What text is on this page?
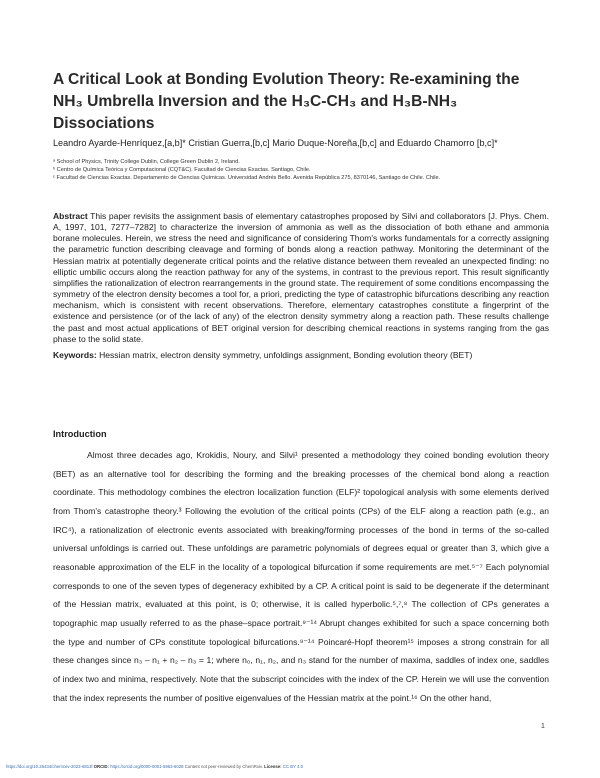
A Critical Look at Bonding Evolution Theory: Re-examining the NH₃ Umbrella Inversion and the H₃C-CH₃ and H₃B-NH₃ Dissociations
Leandro Ayarde-Henríquez,[a,b]* Cristian Guerra,[b,c] Mario Duque-Noreña,[b,c] and Eduardo Chamorro [b,c]*
ᵃ School of Physics, Trinity College Dublin, College Green Dublin 2, Ireland.
ᵇ Centro de Química Teórica y Computacional (CQT&C). Facultad de Ciencias Exactas. Santiago, Chile.
ᶜ Facultad de Ciencias Exactas. Departamento de Ciencias Químicas. Universidad Andrés Bello. Avenida República 275, 8370146, Santiago de Chile. Chile.

Abstract This paper revisits the assignment basis of elementary catastrophes proposed by Silvi and collaborators [J. Phys. Chem. A, 1997, 101, 7277–7282] to characterize the inversion of ammonia as well as the dissociation of both ethane and ammonia borane molecules. Herein, we stress the need and significance of considering Thom's works fundamentals for a correctly assigning the parametric function describing cleavage and forming of bonds along a reaction pathway. Monitoring the determinant of the Hessian matrix at potentially degenerate critical points and the relative distance between them revealed an unexpected finding: no elliptic umbilic occurs along the reaction pathway for any of the systems, in contrast to the previous report. This result significantly simplifies the rationalization of electron rearrangements in the ground state. The requirement of some conditions encompassing the symmetry of the electron density becomes a tool for, a priori, predicting the type of catastrophic bifurcations describing any reaction mechanism, which is consistent with recent observations. Therefore, elementary catastrophes constitute a fingerprint of the existence and persistence (or of the lack of any) of the electron density symmetry along a reaction path. These results challenge the past and most actual applications of BET original version for describing chemical reactions in systems ranging from the gas phase to the solid state.

Keywords: Hessian matrix, electron density symmetry, unfoldings assignment, Bonding evolution theory (BET)
Introduction

Almost three decades ago, Krokidis, Noury, and Silvi¹ presented a methodology they coined bonding evolution theory (BET) as an alternative tool for describing the forming and the breaking processes of the chemical bond along a reaction coordinate. This methodology combines the electron localization function (ELF)² topological analysis with some elements derived from Thom's catastrophe theory.³ Following the evolution of the critical points (CPs) of the ELF along a reaction path (e.g., an IRC⁴), a rationalization of electronic events associated with breaking/forming processes of the bond in terms of the so-called universal unfoldings is carried out. These unfoldings are parametric polynomials of degrees equal or greater than 3, which give a reasonable approximation of the ELF in the locality of a topological bifurcation if some requirements are met.⁵⁻⁷ Each polynomial corresponds to one of the seven types of degeneracy exhibited by a CP. A critical point is said to be degenerate if the determinant of the Hessian matrix, evaluated at this point, is 0; otherwise, it is called hyperbolic.⁵,⁷,⁸ The collection of CPs generates a topographic map usually referred to as the phase–space portrait.⁹⁻¹⁴ Abrupt changes exhibited for such a space concerning both the type and number of CPs constitute topological bifurcations.⁹⁻¹⁴ Poincaré-Hopf theorem¹⁵ imposes a strong constrain for all these changes since n₃ – n₁ + n₂ – n₃ = 1; where n₀, n₁, n₂, and n₃ stand for the number of maxima, saddles of index one, saddles of index two and minima, respectively. Note that the subscript coincides with the index of the CP. Herein we will use the convention that the index represents the number of positive eigenvalues of the Hessian matrix at the point.¹⁶ On the other hand,

1
https://doi.org/10.26434/chemrxiv-2023-6813l ORCID: https://orcid.org/0000-0001-5963-6028 Content not peer-reviewed by ChemRxiv. License: CC BY 4.0
